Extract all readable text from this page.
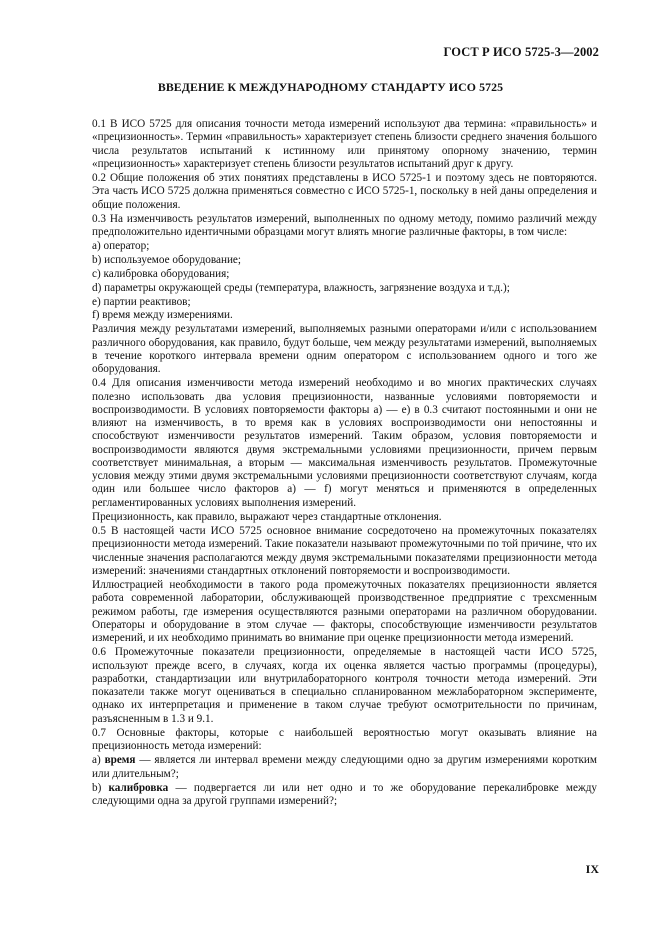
ГОСТ Р ИСО 5725-3—2002
ВВЕДЕНИЕ К МЕЖДУНАРОДНОМУ СТАНДАРТУ ИСО 5725

0.1 В ИСО 5725 для описания точности метода измерений используют два термина: «правильность» и «прецизионность». Термин «правильность» характеризует степень близости среднего значения большого числа результатов испытаний к истинному или принятому опорному значению, термин «прецизионность» характеризует степень близости результатов испытаний друг к другу.

0.2 Общие положения об этих понятиях представлены в ИСО 5725-1 и поэтому здесь не повторяются. Эта часть ИСО 5725 должна применяться совместно с ИСО 5725-1, поскольку в ней даны определения и общие положения.

0.3 На изменчивость результатов измерений, выполненных по одному методу, помимо различий между предположительно идентичными образцами могут влиять многие различные факторы, в том числе:

a) оператор;

b) используемое оборудование;

c) калибровка оборудования;

d) параметры окружающей среды (температура, влажность, загрязнение воздуха и т.д.);

e) партии реактивов;

f) время между измерениями.

Различия между результатами измерений, выполняемых разными операторами и/или с использованием различного оборудования, как правило, будут больше, чем между результатами измерений, выполняемых в течение короткого интервала времени одним оператором с использованием одного и того же оборудования.

0.4 Для описания изменчивости метода измерений необходимо и во многих практических случаях полезно использовать два условия прецизионности, названные условиями повторяемости и воспроизводимости. В условиях повторяемости факторы а) — е) в 0.3 считают постоянными и они не влияют на изменчивость, в то время как в условиях воспроизводимости они непостоянны и способствуют изменчивости результатов измерений. Таким образом, условия повторяемости и воспроизводимости являются двумя экстремальными условиями прецизионности, причем первым соответствует минимальная, а вторым — максимальная изменчивость результатов. Промежуточные условия между этими двумя экстремальными условиями прецизионности соответствуют случаям, когда один или большее число факторов а) — f) могут меняться и применяются в определенных регламентированных условиях выполнения измерений.

Прецизионность, как правило, выражают через стандартные отклонения.

0.5 В настоящей части ИСО 5725 основное внимание сосредоточено на промежуточных показателях прецизионности метода измерений. Такие показатели называют промежуточными по той причине, что их численные значения располагаются между двумя экстремальными показателями прецизионности метода измерений: значениями стандартных отклонений повторяемости и воспроизводимости.

Иллюстрацией необходимости в такого рода промежуточных показателях прецизионности является работа современной лаборатории, обслуживающей производственное предприятие с трехсменным режимом работы, где измерения осуществляются разными операторами на различном оборудовании. Операторы и оборудование в этом случае — факторы, способствующие изменчивости результатов измерений, и их необходимо принимать во внимание при оценке прецизионности метода измерений.

0.6 Промежуточные показатели прецизионности, определяемые в настоящей части ИСО 5725, используют прежде всего, в случаях, когда их оценка является частью программы (процедуры), разработки, стандартизации или внутрилабораторного контроля точности метода измерений. Эти показатели также могут оцениваться в специально спланированном межлабораторном эксперименте, однако их интерпретация и применение в таком случае требуют осмотрительности по причинам, разъясненным в 1.3 и 9.1.

0.7 Основные факторы, которые с наибольшей вероятностью могут оказывать влияние на прецизионность метода измерений:

a) время — является ли интервал времени между следующими одно за другим измерениями коротким или длительным?;

b) калибровка — подвергается ли или нет одно и то же оборудование перекалибровке между следующими одна за другой группами измерений?;

IX
